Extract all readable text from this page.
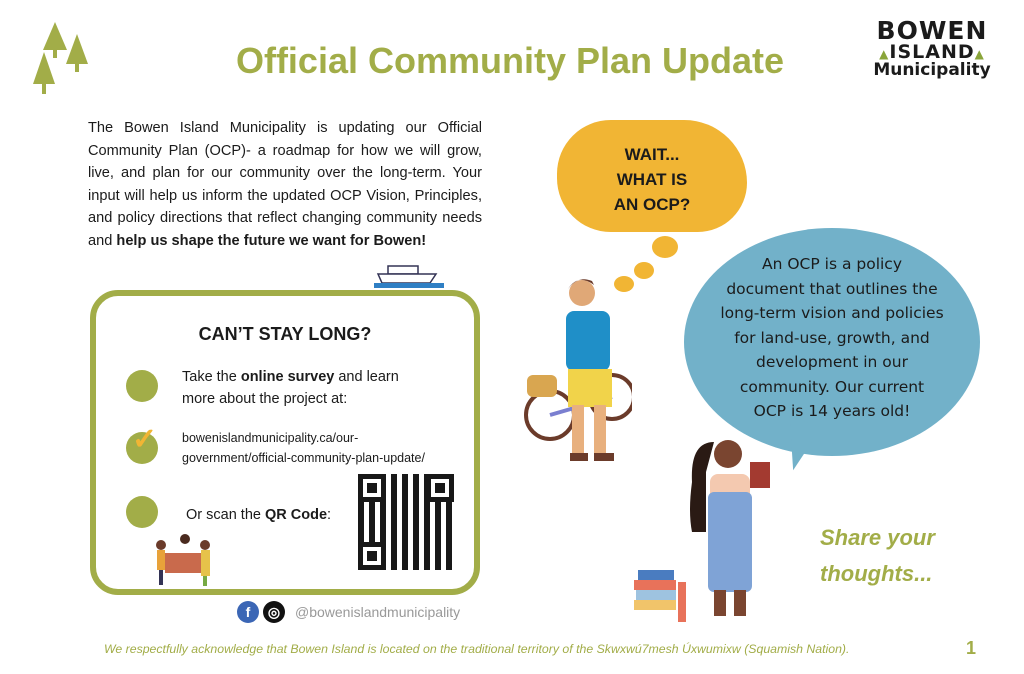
Official Community Plan Update
BOWEN
▲ISLAND▲
Municipality
The Bowen Island Municipality is updating our Official Community Plan (OCP)- a roadmap for how we will grow, live, and plan for our community over the long-term. Your input will help us inform the updated OCP Vision, Principles, and policy directions that reflect changing community needs and help us shape the future we want for Bowen!
CAN’T STAY LONG?
Take the online survey and learn more about the project at:
✓ bowenislandmunicipality.ca/our-
government/official-community-plan-update/
Or scan the QR Code:
f	◎	@bowenislandmunicipality
WAIT...
WHAT IS
AN OCP?
An OCP is a policy
document that outlines the
long-term vision and policies
for land-use, growth, and
development in our
community. Our current
OCP is 14 years old!
Share your
thoughts...
We respectfully acknowledge that Bowen Island is located on the traditional territory of the Skwxwú7mesh Úxwumixw (Squamish Nation).	1
